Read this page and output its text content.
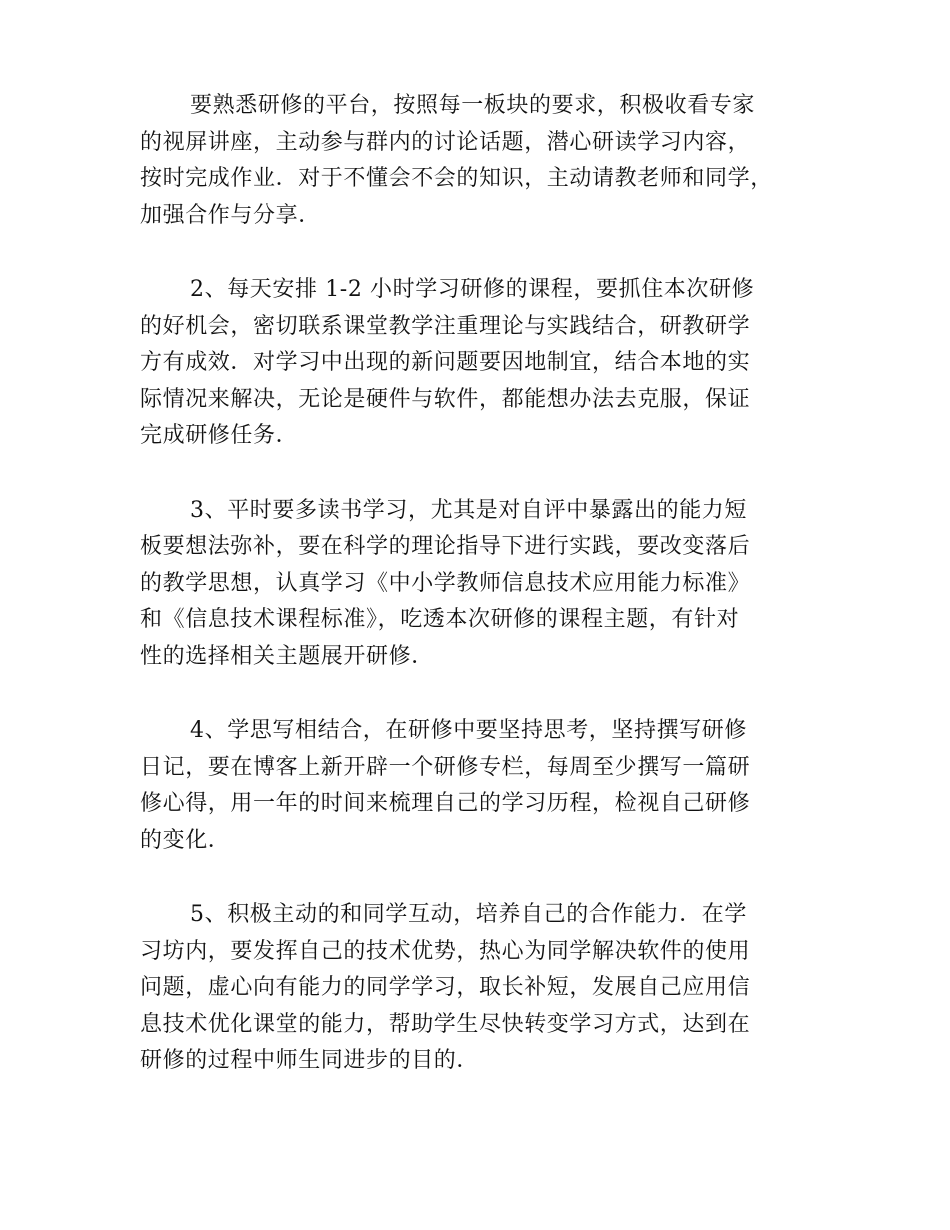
要熟悉研修的平台，按照每一板块的要求，积极收看专家
的视屏讲座，主动参与群内的讨论话题，潜心研读学习内容，
按时完成作业．对于不懂会不会的知识，主动请教老师和同学，
加强合作与分享．

2、每天安排 1-2 小时学习研修的课程，要抓住本次研修
的好机会，密切联系课堂教学注重理论与实践结合，研教研学
方有成效．对学习中出现的新问题要因地制宜，结合本地的实
际情况来解决，无论是硬件与软件，都能想办法去克服，保证
完成研修任务．

3、平时要多读书学习，尤其是对自评中暴露出的能力短
板要想法弥补，要在科学的理论指导下进行实践，要改变落后
的教学思想，认真学习《中小学教师信息技术应用能力标准》
和《信息技术课程标准》，吃透本次研修的课程主题，有针对
性的选择相关主题展开研修．

4、学思写相结合，在研修中要坚持思考，坚持撰写研修
日记，要在博客上新开辟一个研修专栏，每周至少撰写一篇研
修心得，用一年的时间来梳理自己的学习历程，检视自己研修
的变化．

5、积极主动的和同学互动，培养自己的合作能力．在学
习坊内，要发挥自己的技术优势，热心为同学解决软件的使用
问题，虚心向有能力的同学学习，取长补短，发展自己应用信
息技术优化课堂的能力，帮助学生尽快转变学习方式，达到在
研修的过程中师生同进步的目的．
